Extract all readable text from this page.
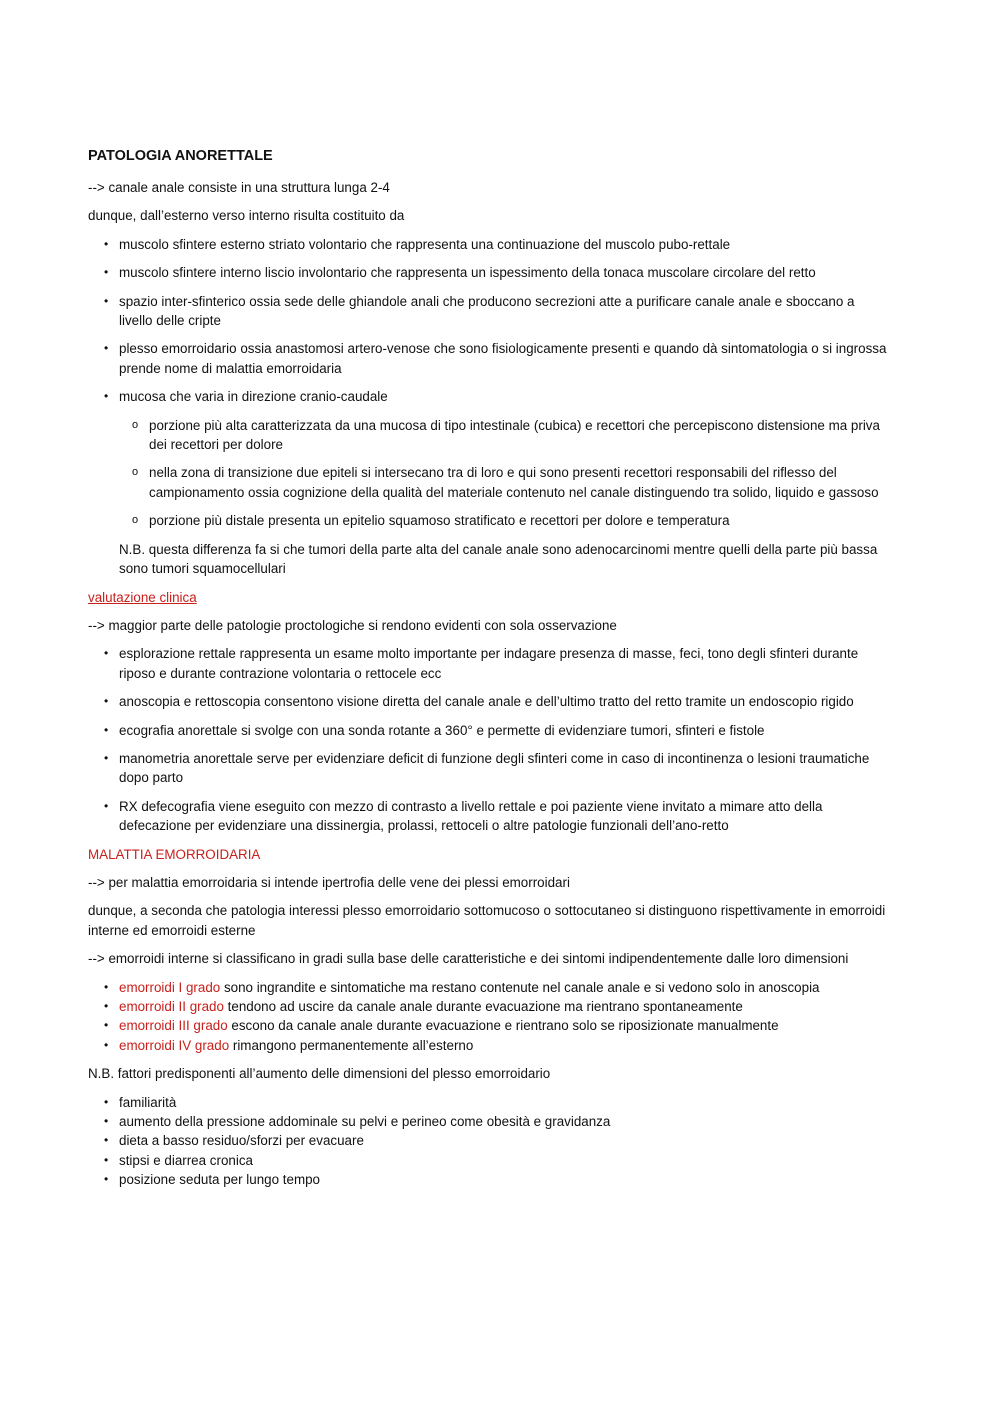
PATOLOGIA ANORETTALE

--> canale anale consiste in una struttura lunga 2-4

dunque, dall’esterno verso interno risulta costituito da

• muscolo sfintere esterno striato volontario che rappresenta una continuazione del muscolo pubo-rettale
• muscolo sfintere interno liscio involontario che rappresenta un ispessimento della tonaca muscolare circolare del retto
• spazio inter-sfinterico ossia sede delle ghiandole anali che producono secrezioni atte a purificare canale anale e sboccano a livello delle cripte
• plesso emorroidario ossia anastomosi artero-venose che sono fisiologicamente presenti e quando dà sintomatologia o si ingrossa prende nome di malattia emorroidaria
• mucosa che varia in direzione cranio-caudale
o porzione più alta caratterizzata da una mucosa di tipo intestinale (cubica) e recettori che percepiscono distensione ma priva dei recettori per dolore
o nella zona di transizione due epiteli si intersecano tra di loro e qui sono presenti recettori responsabili del riflesso del campionamento ossia cognizione della qualità del materiale contenuto nel canale distinguendo tra solido, liquido e gassoso
o porzione più distale presenta un epitelio squamoso stratificato e recettori per dolore e temperatura

N.B. questa differenza fa si che tumori della parte alta del canale anale sono adenocarcinomi mentre quelli della parte più bassa sono tumori squamocellulari

valutazione clinica

--> maggior parte delle patologie proctologiche si rendono evidenti con sola osservazione

• esplorazione rettale rappresenta un esame molto importante per indagare presenza di masse, feci, tono degli sfinteri durante riposo e durante contrazione volontaria o rettocele ecc
• anoscopia e rettoscopia consentono visione diretta del canale anale e dell’ultimo tratto del retto tramite un endoscopio rigido
• ecografia anorettale si svolge con una sonda rotante a 360° e permette di evidenziare tumori, sfinteri e fistole
• manometria anorettale serve per evidenziare deficit di funzione degli sfinteri come in caso di incontinenza o lesioni traumatiche dopo parto
• RX defecografia viene eseguito con mezzo di contrasto a livello rettale e poi paziente viene invitato a mimare atto della defecazione per evidenziare una dissinergia, prolassi, rettoceli o altre patologie funzionali dell’ano-retto

MALATTIA EMORROIDARIA

--> per malattia emorroidaria si intende ipertrofia delle vene dei plessi emorroidari

dunque, a seconda che patologia interessi plesso emorroidario sottomucoso o sottocutaneo si distinguono rispettivamente in emorroidi interne ed emorroidi esterne

--> emorroidi interne si classificano in gradi sulla base delle caratteristiche e dei sintomi indipendentemente dalle loro dimensioni

• emorroidi I grado sono ingrandite e sintomatiche ma restano contenute nel canale anale e si vedono solo in anoscopia
• emorroidi II grado tendono ad uscire da canale anale durante evacuazione ma rientrano spontaneamente
• emorroidi III grado escono da canale anale durante evacuazione e rientrano solo se riposizionate manualmente
• emorroidi IV grado rimangono permanentemente all’esterno

N.B. fattori predisponenti all’aumento delle dimensioni del plesso emorroidario

• familiarità
• aumento della pressione addominale su pelvi e perineo come obesità e gravidanza
• dieta a basso residuo/sforzi per evacuare
• stipsi e diarrea cronica
• posizione seduta per lungo tempo
